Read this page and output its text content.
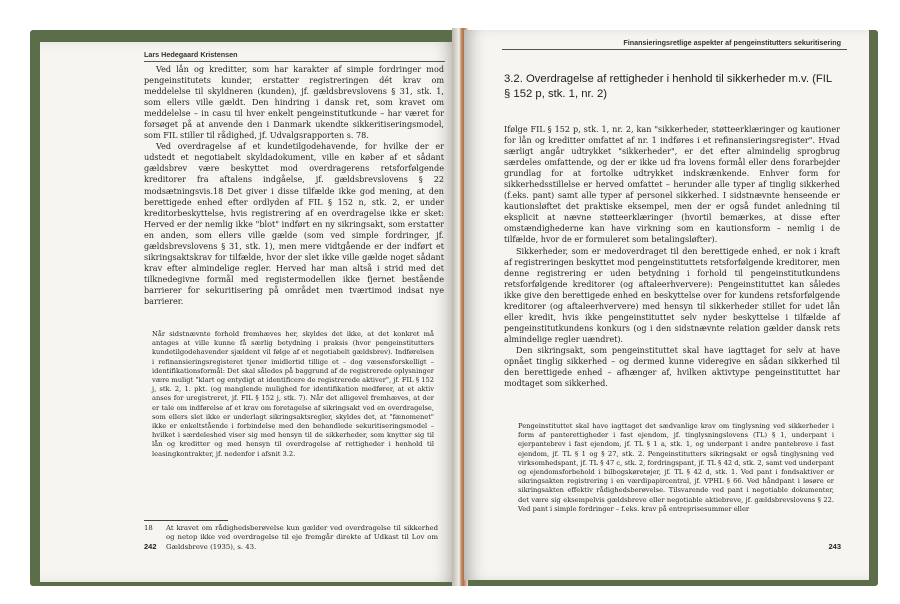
Lars Hedegaard Kristensen

Ved lån og kreditter, som har karakter af simple fordringer mod pengeinstitutets kunder, erstatter registreringen dét krav om meddelelse til skyldneren (kunden), jf. gældsbrevslovens § 31, stk. 1, som ellers ville gældt. Den hindring i dansk ret, som kravet om meddelelse – in casu til hver enkelt pengeinstitutkunde – har været for forsøget på at anvende den i Danmark ukendte sikkeritiseringsmodel, som FIL stiller til rådighed, jf. Udvalgsrapporten s. 78.

Ved overdragelse af et kundetilgodehavende, for hvilke der er udstedt et negotiabelt skyldadokument, ville en køber af et sådant gældsbrev være beskyttet mod overdragerens retsforfølgende kreditorer fra aftalens indgåelse, jf. gældsbrevslovens § 22 modsætningsvis.18 Det giver i disse tilfælde ikke god mening, at den berettigede enhed efter ordlyden af FIL § 152 n, stk. 2, er under kreditorbeskyttelse, hvis registrering af en overdragelse ikke er sket: Herved er der nemlig ikke "blot" indført en ny sikringsakt, som erstatter en anden, som ellers ville gælde (som ved simple fordringer, jf. gældsbrevslovens § 31, stk. 1), men mere vidtgående er der indført et sikringsaktskrav for tilfælde, hvor der slet ikke ville gælde noget sådant krav efter almindelige regler. Herved har man altså i strid med det tilknedegivne formål med registermodellen ikke fjernet bestående barrierer for sekuritisering på området men tværtimod indsat nye barrierer.

Når sidstnævnte forhold fremhæves her, skyldes det ikke, at det konkret må antages at ville kunne få særlig betydning i praksis (hvor pengeinstitutters kundetilgodehavender sjældent vil følge af et negotiabelt gældsbrev). Indførelsen i refinansieringsregisteret tjener imidlertid tillige et – dog væsensforskelligt – identifikationsformål: Det skal således på baggrund af de registrerede oplysninger være muligt "klart og entydigt at identificere de registrerede aktiver", jf. FIL § 152 j, stk. 2, 1. pkt. (og manglende mulighed for identifikation medfører, at et aktiv anses for uregistreret, jf. FIL § 152 j, stk. 7). Når det alligevel fremhæves, at der er tale om indførelse af et krav om foretagelse af sikringsakt ved en overdragelse, som ellers slet ikke er underlagt sikringsaktsregler, skyldes det, at "fænomenet" ikke er enkeltstående i forbindelse med den behandlede sekuritiseringsmodel – hvilket i særdeleshed viser sig med hensyn til de sikkerheder, som knytter sig til lån og kreditter og med hensyn til overdragelse af rettigheder i henhold til leasingkontrakter, jf. nedenfor i afsnit 3.2.

18 At kravet om rådighedsberøvelse kun gælder ved overdragelse til sikkerhed og netop ikke ved overdragelse til eje fremgår direkte af Udkast til Lov om Gældsbreve (1935), s. 43.
242
Finansieringsretlige aspekter af pengeinstitutters sekuritisering
3.2. Overdragelse af rettigheder i henhold til sikkerheder m.v. (FIL § 152 p, stk. 1, nr. 2)

Ifølge FIL § 152 p, stk. 1, nr. 2, kan "sikkerheder, støtteerklæringer og kautioner for lån og kreditter omfattet af nr. 1 indføres i et refinansieringsregister". Hvad særligt angår udtrykket "sikkerheder", er det efter almindelig sprogbrug særdeles omfattende, og der er ikke ud fra lovens formål eller dens forarbejder grundlag for at fortolke udtrykket indskrænkende. Enhver form for sikkerhedsstillelse er herved omfattet – herunder alle typer af tinglig sikkerhed (f.eks. pant) samt alle typer af personel sikkerhed. I sidstnævnte henseende er kautionsløftet det praktiske eksempel, men der er også fundet anledning til eksplicit at nævne støtteerklæringer (hvortil bemærkes, at disse efter omstændighederne kan have virkning som en kautionsform – nemlig i de tilfælde, hvor de er formuleret som betalingsløfter).

Sikkerheder, som er medoverdraget til den berettigede enhed, er nok i kraft af registreringen beskyttet mod pengeinstituttets retsforfølgende kreditorer, men denne registrering er uden betydning i forhold til pengeinstitutkundens retsforfølgende kreditorer (og aftaleerhververe): Pengeinstituttet kan således ikke give den berettigede enhed en beskyttelse over for kundens retsforfølgende kreditorer (og aftaleerhververe) med hensyn til sikkerheder stillet for udet lån eller kredit, hvis ikke pengeinstituttet selv nyder beskyttelse i tilfælde af pengeinstitutkundens konkurs (og i den sidstnævnte relation gælder dansk rets almindelige regler uændret).

Den sikringsakt, som pengeinstituttet skal have iagttaget for selv at have opnået tinglig sikkerhed – og dermed kunne videregive en sådan sikkerhed til den berettigede enhed – afhænger af, hvilken aktivtype pengeinstituttet har modtaget som sikkerhed.

Pengeinstituttet skal have iagttaget det sædvanlige krav om tinglysning ved sikkerheder i form af panterettigheder i fast ejendom, jf. tinglysningslovens (TL) § 1, underpant i ejerpantebrev i fast ejendom, jf. TL § 1 a, stk. 1, og underpant i andre pantebreve i fast ejendom, jf. TL § 1 og § 27, stk. 2. Pengeinstitutters sikringsakt er også tinglysning ved virksomhedspant, jf. TL § 47 c, stk. 2, fordringspant, jf. TL § 42 d, stk. 2, samt ved underpant og ejendomsforbehold i bilbogskøretøjer, jf. TL § 42 d, stk. 1. Ved pant i fondsaktiver er sikringsakten registrering i en værdipapircentral, jf. VPHL § 66. Ved håndpant i løsøre er sikringsakten effektiv rådighedsberøvelse. Tilsvarende ved pant i negotiable dokumenter, det være sig eksempelvis gældsbreve eller negotiable aktiebreve, jf. gældsbrevslovens § 22. Ved pant i simple fordringer – f.eks. krav på entreprisesummer eller

243
